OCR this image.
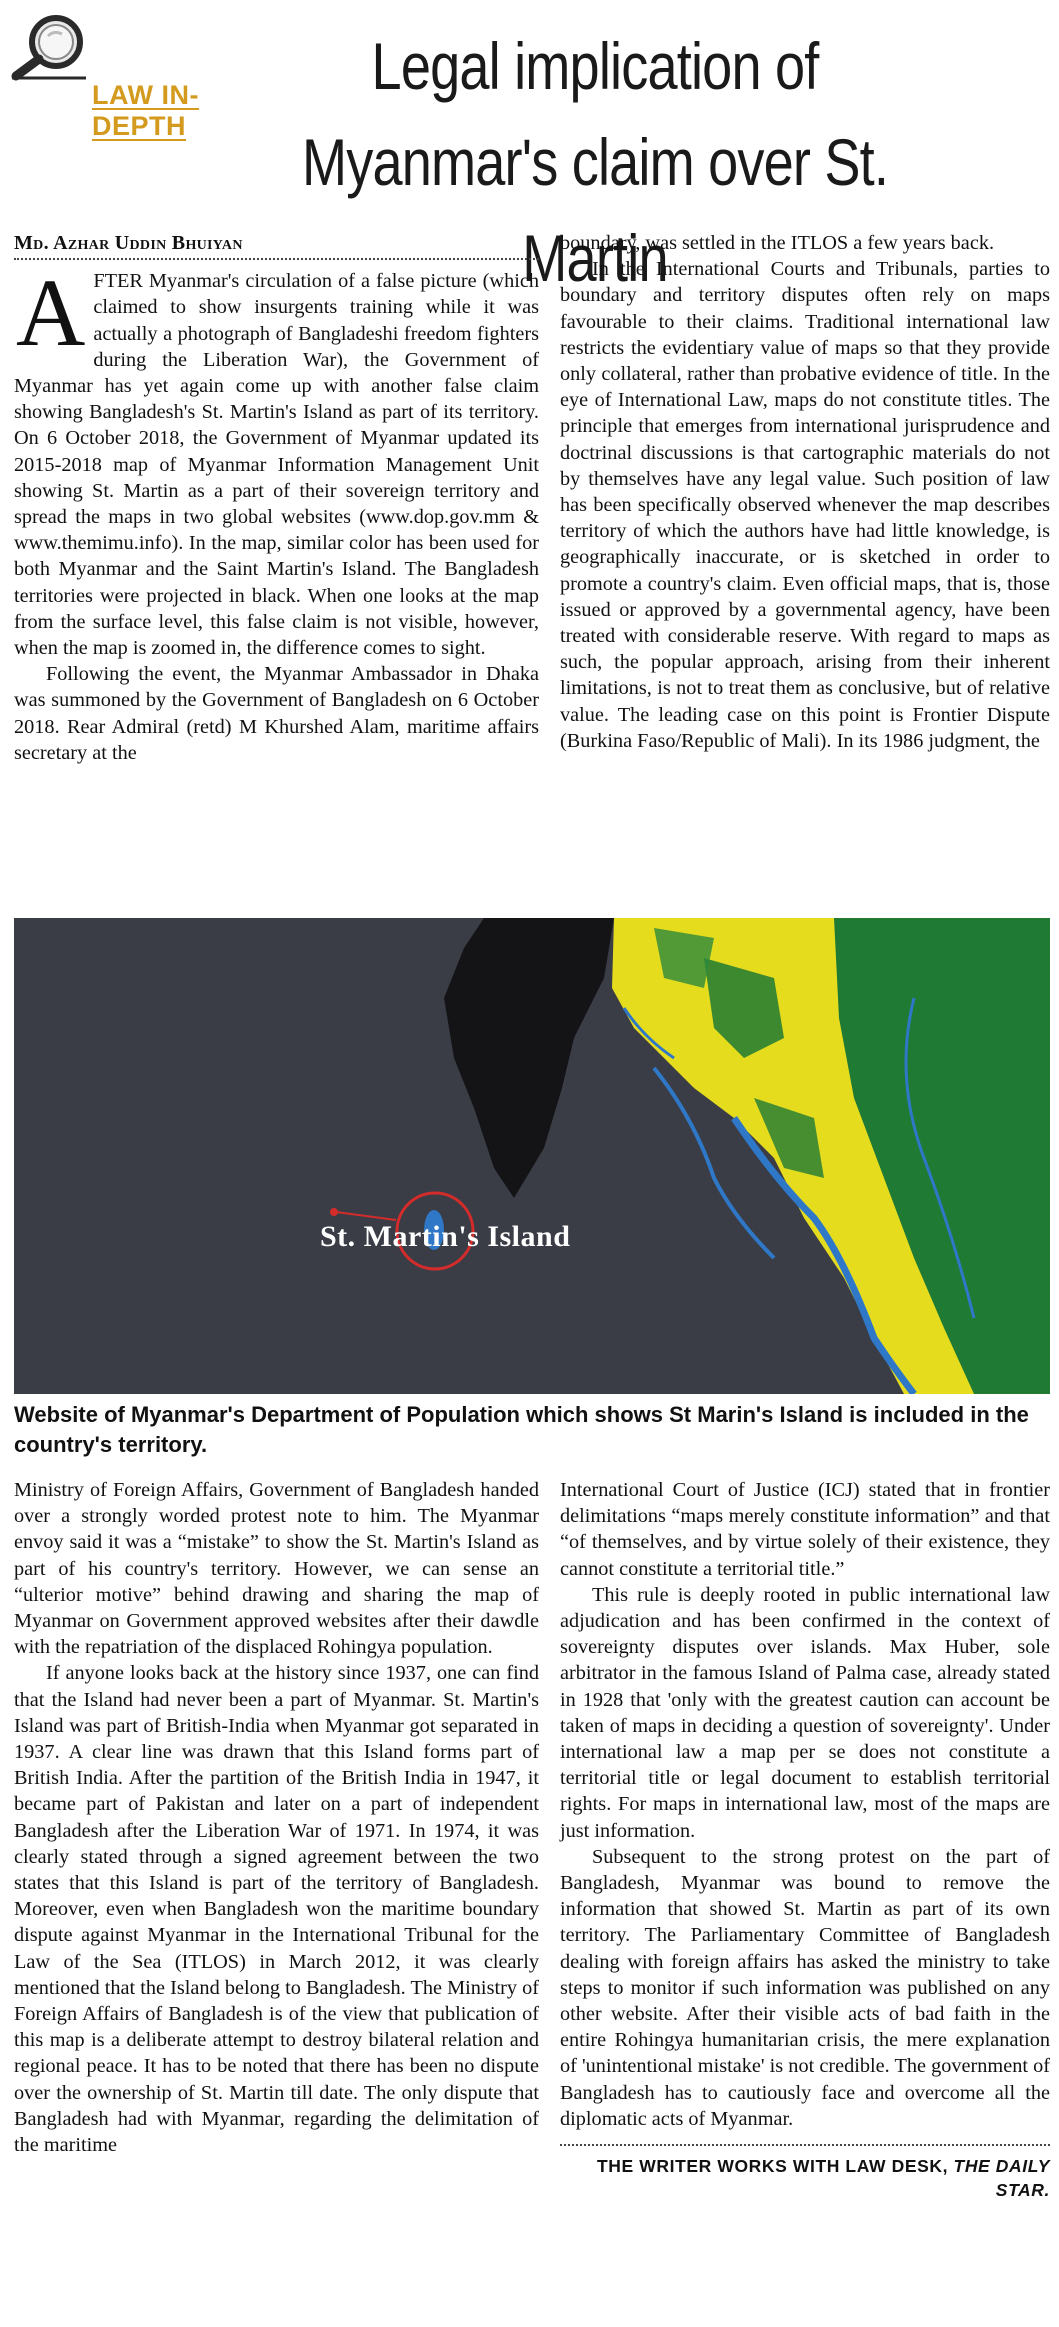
LAW IN-DEPTH
Legal implication of
Myanmar's claim over St. Martin
Md. Azhar Uddin Bhuiyan

AFTER Myanmar's circulation of a false picture (which claimed to show insurgents training while it was actually a photograph of Bangladeshi freedom fighters during the Liberation War), the Government of Myanmar has yet again come up with another false claim showing Bangladesh's St. Martin's Island as part of its territory. On 6 October 2018, the Government of Myanmar updated its 2015-2018 map of Myanmar Information Management Unit showing St. Martin as a part of their sovereign territory and spread the maps in two global websites (www.dop.gov.mm & www.themimu.info). In the map, similar color has been used for both Myanmar and the Saint Martin's Island. The Bangladesh territories were projected in black. When one looks at the map from the surface level, this false claim is not visible, however, when the map is zoomed in, the difference comes to sight.

Following the event, the Myanmar Ambassador in Dhaka was summoned by the Government of Bangladesh on 6 October 2018. Rear Admiral (retd) M Khurshed Alam, maritime affairs secretary at the

boundary, was settled in the ITLOS a few years back.

In the International Courts and Tribunals, parties to boundary and territory disputes often rely on maps favourable to their claims. Traditional international law restricts the evidentiary value of maps so that they provide only collateral, rather than probative evidence of title. In the eye of International Law, maps do not constitute titles. The principle that emerges from international jurisprudence and doctrinal discussions is that cartographic materials do not by themselves have any legal value. Such position of law has been specifically observed whenever the map describes territory of which the authors have had little knowledge, is geographically inaccurate, or is sketched in order to promote a country's claim. Even official maps, that is, those issued or approved by a governmental agency, have been treated with considerable reserve. With regard to maps as such, the popular approach, arising from their inherent limitations, is not to treat them as conclusive, but of relative value. The leading case on this point is Frontier Dispute (Burkina Faso/Republic of Mali). In its 1986 judgment, the

St. Martin's Island
Website of Myanmar's Department of Population which shows St Marin's Island is included in the country's territory.

Ministry of Foreign Affairs, Government of Bangladesh handed over a strongly worded protest note to him. The Myanmar envoy said it was a “mistake” to show the St. Martin's Island as part of his country's territory. However, we can sense an “ulterior motive” behind drawing and sharing the map of Myanmar on Government approved websites after their dawdle with the repatriation of the displaced Rohingya population.

If anyone looks back at the history since 1937, one can find that the Island had never been a part of Myanmar. St. Martin's Island was part of British-India when Myanmar got separated in 1937. A clear line was drawn that this Island forms part of British India. After the partition of the British India in 1947, it became part of Pakistan and later on a part of independent Bangladesh after the Liberation War of 1971. In 1974, it was clearly stated through a signed agreement between the two states that this Island is part of the territory of Bangladesh. Moreover, even when Bangladesh won the maritime boundary dispute against Myanmar in the International Tribunal for the Law of the Sea (ITLOS) in March 2012, it was clearly mentioned that the Island belong to Bangladesh. The Ministry of Foreign Affairs of Bangladesh is of the view that publication of this map is a deliberate attempt to destroy bilateral relation and regional peace. It has to be noted that there has been no dispute over the ownership of St. Martin till date. The only dispute that Bangladesh had with Myanmar, regarding the delimitation of the maritime

International Court of Justice (ICJ) stated that in frontier delimitations “maps merely constitute information” and that “of themselves, and by virtue solely of their existence, they cannot constitute a territorial title.”

This rule is deeply rooted in public international law adjudication and has been confirmed in the context of sovereignty disputes over islands. Max Huber, sole arbitrator in the famous Island of Palma case, already stated in 1928 that 'only with the greatest caution can account be taken of maps in deciding a question of sovereignty'. Under international law a map per se does not constitute a territorial title or legal document to establish territorial rights. For maps in international law, most of the maps are just information.

Subsequent to the strong protest on the part of Bangladesh, Myanmar was bound to remove the information that showed St. Martin as part of its own territory. The Parliamentary Committee of Bangladesh dealing with foreign affairs has asked the ministry to take steps to monitor if such information was published on any other website. After their visible acts of bad faith in the entire Rohingya humanitarian crisis, the mere explanation of 'unintentional mistake' is not credible. The government of Bangladesh has to cautiously face and overcome all the diplomatic acts of Myanmar.

THE WRITER WORKS WITH LAW DESK, THE DAILY STAR.
